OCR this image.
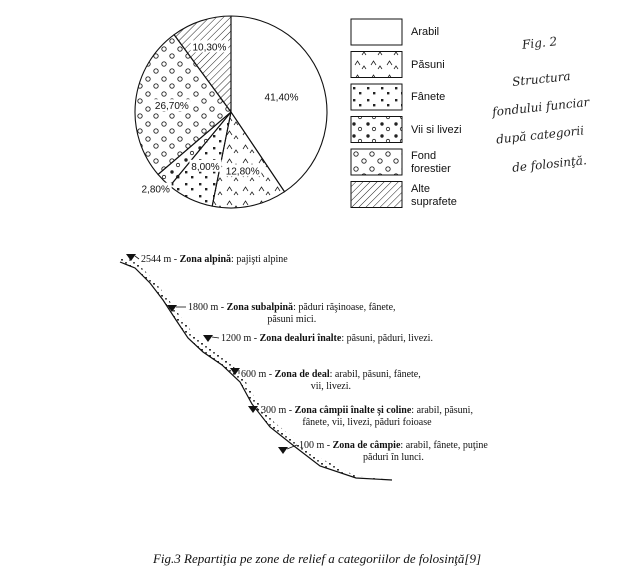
41,40%
12,80%
8,00%
2,80%
26,70%
10,30%
Arabil
Păsuni
Fânete
Vii si livezi
Fond
forestier
Alte
suprafete
Fig. 2
Structura
fondului funciar
după categorii
de folosinţă.
2544 m - Zona alpină: pajişti alpine
1800 m - Zona subalpină: păduri răşinoase, fânete,
păsuni mici.
1200 m - Zona dealuri înalte: păsuni, păduri, livezi.
600 m - Zona de deal: arabil, păsuni, fânete,
vii, livezi.
300 m - Zona câmpii înalte şi coline: arabil, păsuni,
fânete, vii, livezi, păduri foioase
100 m - Zona de câmpie: arabil, fânete, puţine
păduri în lunci.
Fig.3 Repartiţia pe zone de relief a categoriilor de folosinţă[9]
